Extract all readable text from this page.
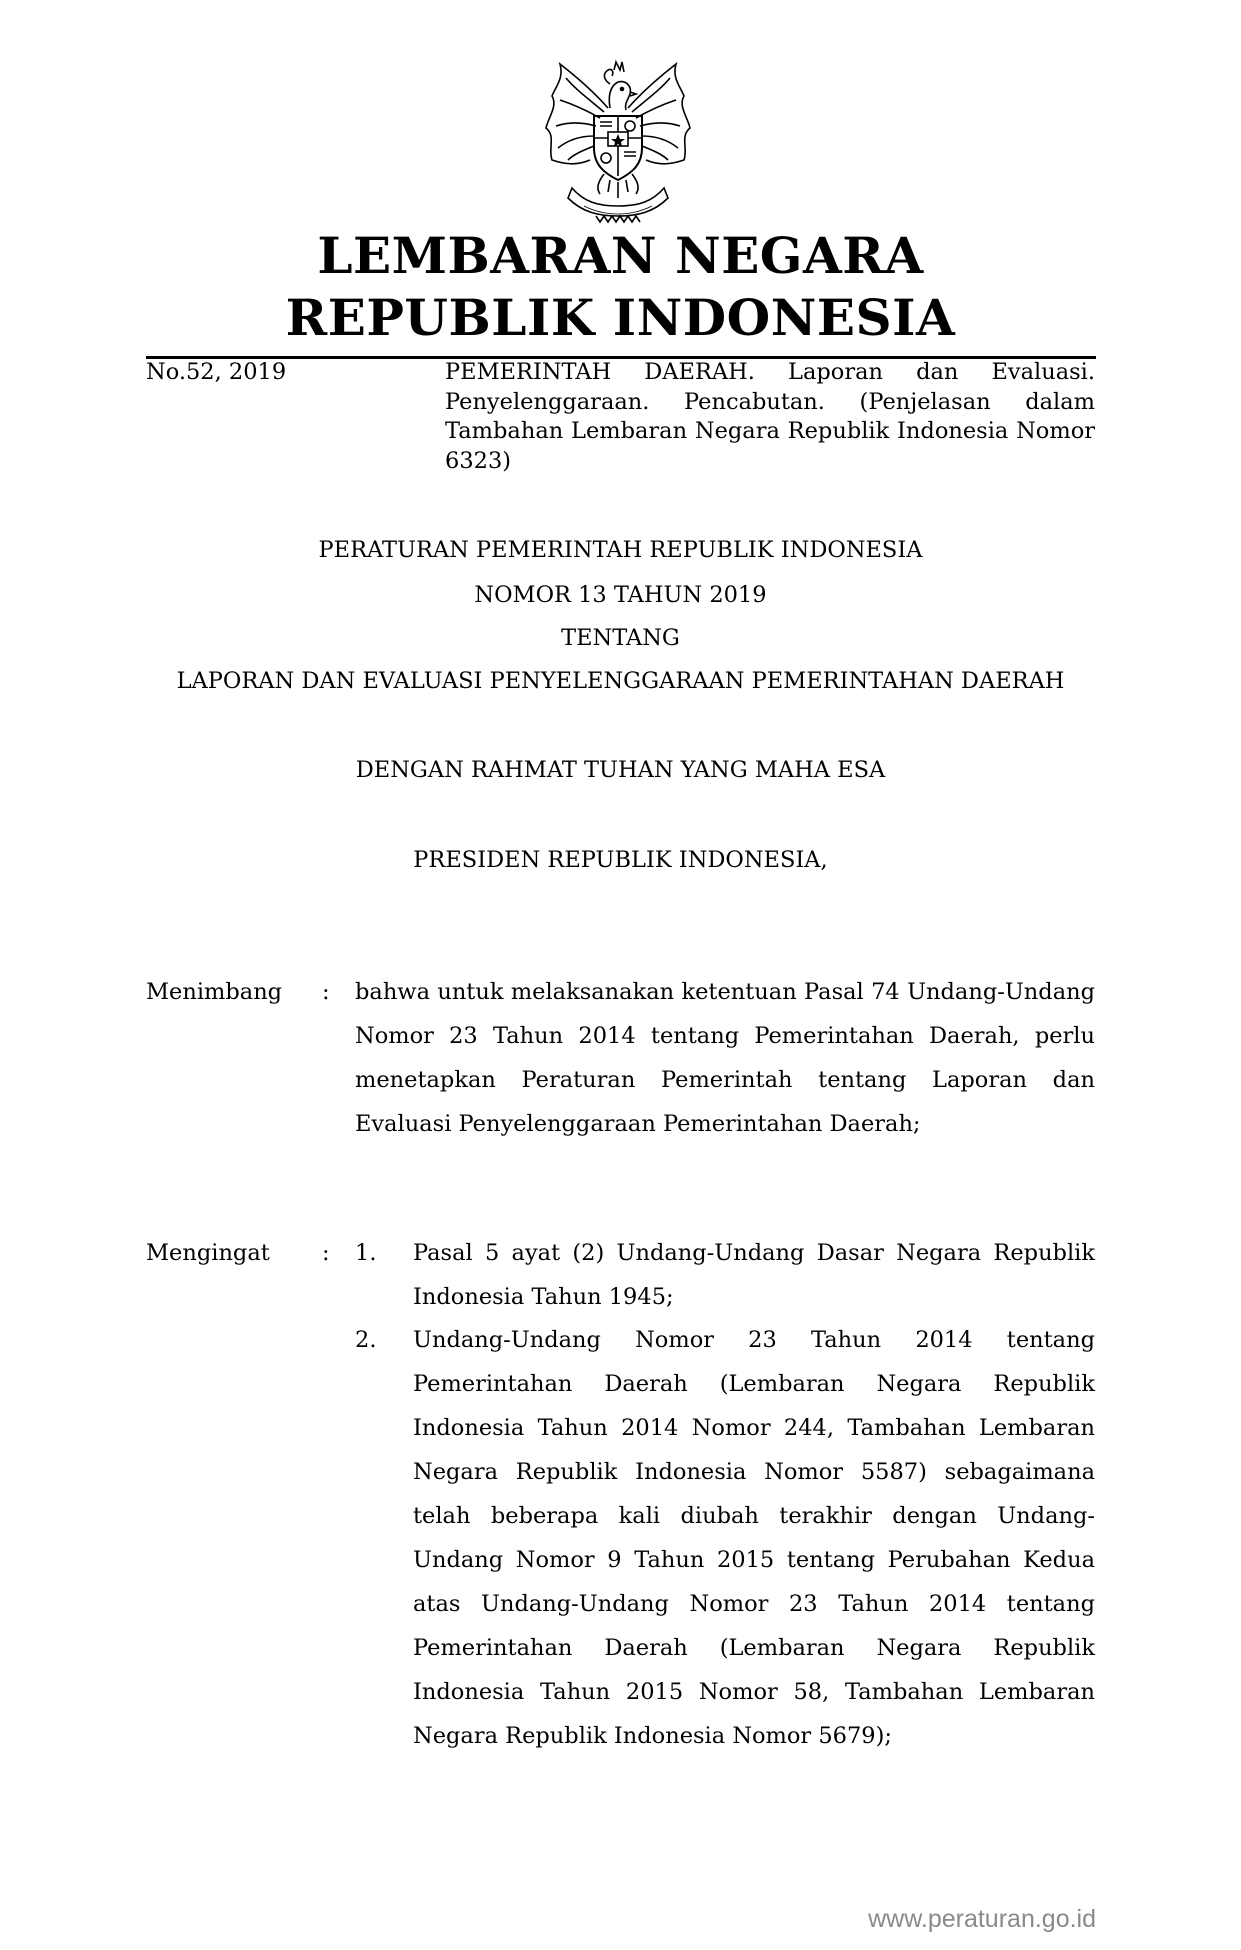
LEMBARAN NEGARA
REPUBLIK INDONESIA
No.52, 2019	PEMERINTAH DAERAH. Laporan dan Evaluasi. Penyelenggaraan. Pencabutan. (Penjelasan dalam Tambahan Lembaran Negara Republik Indonesia Nomor 6323)
PERATURAN PEMERINTAH REPUBLIK INDONESIA
NOMOR 13 TAHUN 2019
TENTANG
LAPORAN DAN EVALUASI PENYELENGGARAAN PEMERINTAHAN DAERAH
DENGAN RAHMAT TUHAN YANG MAHA ESA
PRESIDEN REPUBLIK INDONESIA,
Menimbang : bahwa untuk melaksanakan ketentuan Pasal 74 Undang-Undang Nomor 23 Tahun 2014 tentang Pemerintahan Daerah, perlu menetapkan Peraturan Pemerintah tentang Laporan dan Evaluasi Penyelenggaraan Pemerintahan Daerah;
Mengingat : 1. Pasal 5 ayat (2) Undang-Undang Dasar Negara Republik Indonesia Tahun 1945;
2. Undang-Undang Nomor 23 Tahun 2014 tentang Pemerintahan Daerah (Lembaran Negara Republik Indonesia Tahun 2014 Nomor 244, Tambahan Lembaran Negara Republik Indonesia Nomor 5587) sebagaimana telah beberapa kali diubah terakhir dengan Undang-Undang Nomor 9 Tahun 2015 tentang Perubahan Kedua atas Undang-Undang Nomor 23 Tahun 2014 tentang Pemerintahan Daerah (Lembaran Negara Republik Indonesia Tahun 2015 Nomor 58, Tambahan Lembaran Negara Republik Indonesia Nomor 5679);
www.peraturan.go.id
